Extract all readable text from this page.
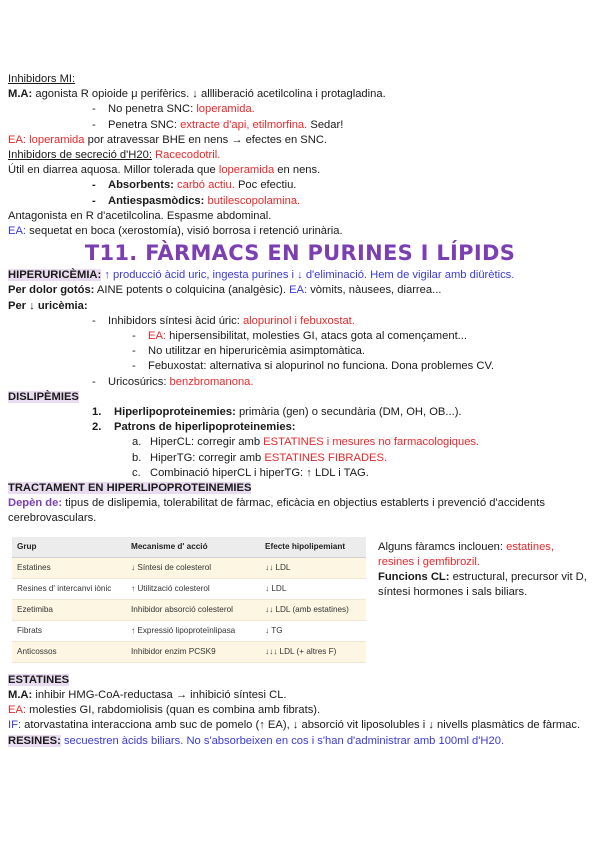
Inhibidors MI:
M.A: agonista R opioide μ perifèrics. ↓ allliberació acetilcolina i protagladina.
- No penetra SNC: loperamida.
- Penetra SNC: extracte d'api, etilmorfina. Sedar!
EA: loperamida por atravessar BHE en nens → efectes en SNC.
Inhibidors de secreció d'H20: Racecodotril.
Útil en diarrea aquosa. Millor tolerada que loperamida en nens.
- Absorbents: carbó actiu. Poc efectiu.
- Antiespasmòdics: butilescopolamina.
Antagonista en R d'acetilcolina. Espasme abdominal.
EA: sequetat en boca (xerostomía), visió borrosa i retenció urinària.
T11. FÀRMACS EN PURINES I LÍPIDS
HIPERURICÈMIA: ↑ producció àcid uric, ingesta purines i ↓ d'eliminació. Hem de vigilar amb diürètics.
Per dolor gotós: AINE potents o colquicina (analgèsic). EA: vòmits, nàusees, diarrea...
Per ↓ uricèmia:
- Inhibidors síntesi àcid úric: alopurinol i febuxostat.
- EA: hipersensibilitat, molesties GI, atacs gota al començament...
- No utilitzar en hiperuricèmia asimptomàtica.
- Febuxostat: alternativa si alopurinol no funciona. Dona problemes CV.
- Uricosúrics: benzbromanona.
DISLIPÈMIES
1. Hiperlipoproteinemies: primària (gen) o secundària (DM, OH, OB...).
2. Patrons de hiperlipoproteinemies:
a. HiperCL: corregir amb ESTATINES i mesures no farmacologiques.
b. HiperTG: corregir amb ESTATINES FIBRADES.
c. Combinació hiperCL i hiperTG: ↑ LDL i TAG.
TRACTAMENT EN HIPERLIPOPROTEINEMIES
Depèn de: tipus de dislipemia, tolerabilitat de fàrmac, eficàcia en objectius establerts i prevenció d'accidents cerebrovasculars.
Grup	Mecanisme d' acció	Efecte hipolipemiant
Estatines	↓ Síntesi de colesterol	↓↓ LDL
Resines d' intercanvi iònic	↑ Utilització colesterol	↓ LDL
Ezetimiba	Inhibidor absorció colesterol	↓↓ LDL (amb estatines)
Fibrats	↑ Expressió lipoproteïnlipasa	↓ TG
Anticossos	Inhibidor enzim PCSK9	↓↓↓ LDL (+ altres F)
Alguns fàramcs inclouen: estatines, resines i gemfibrozil.
Funcions CL: estructural, precursor vit D, síntesi hormones i sals biliars.
ESTATINES
M.A: inhibir HMG-CoA-reductasa → inhibició síntesi CL.
EA: molesties GI, rabdomiolisis (quan es combina amb fibrats).
IF: atorvastatina interacciona amb suc de pomelo (↑ EA), ↓ absorció vit liposolubles i ↓ nivells plasmàtics de fàrmac.
RESINES: secuestren àcids biliars. No s'absorbeixen en cos i s'han d'administrar amb 100ml d'H20.
